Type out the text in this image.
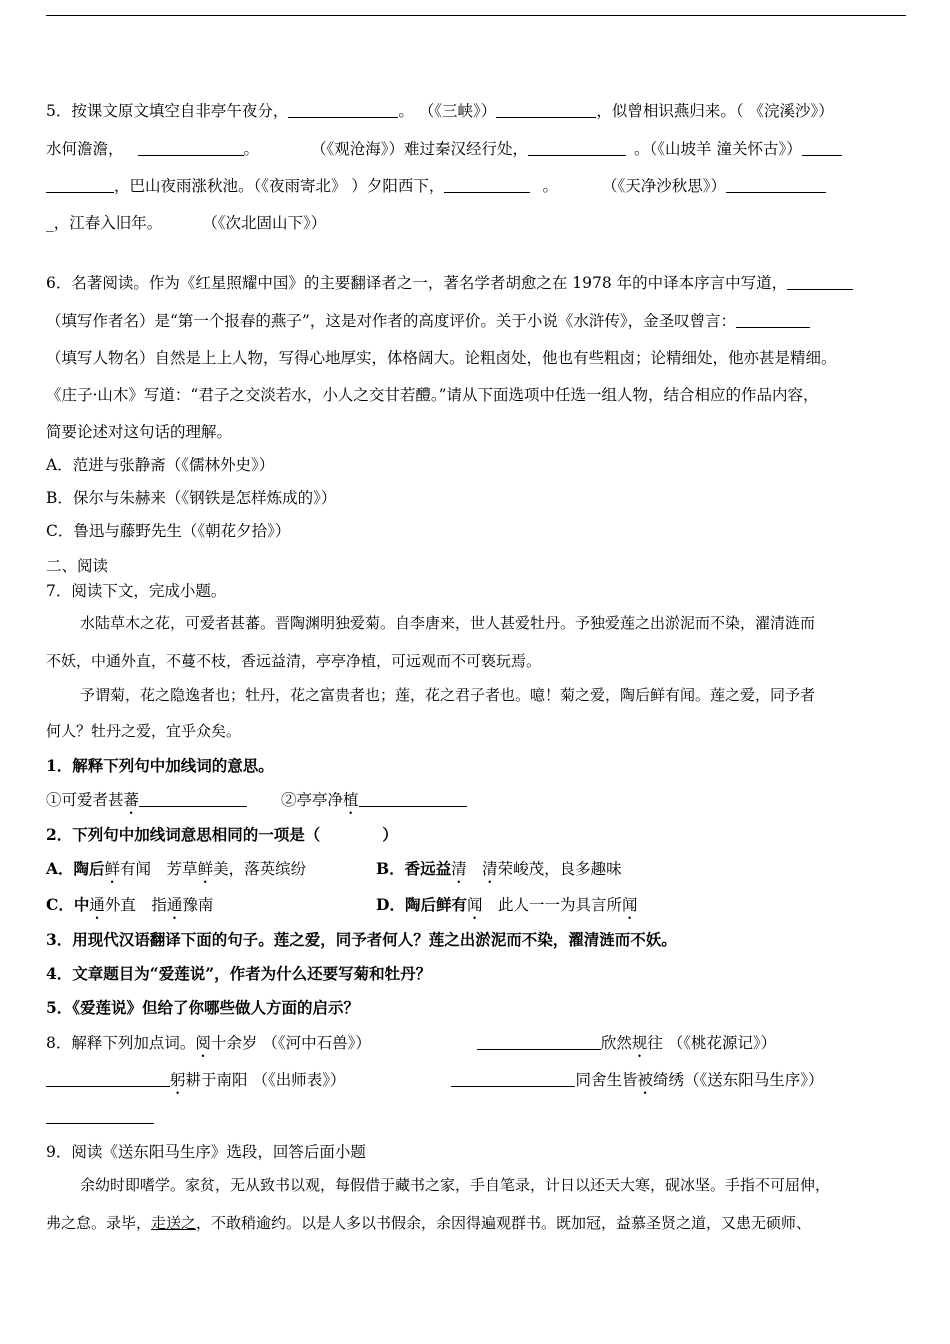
5．按课文原文填空自非亭午夜分，	。 （《三峡》）	，似曾相识燕归来。（ 《浣溪沙》）
水何澹澹，	。	（《观沧海》）难过秦汉经行处，	。（《山坡羊 潼关怀古》）
，巴山夜雨涨秋池。（《夜雨寄北》 ）夕阳西下，	。	（《天净沙秋思》）
_，江春入旧年。	（《次北固山下》）
6．名著阅读。作为《红星照耀中国》的主要翻译者之一，著名学者胡愈之在 1978 年的中译本序言中写道，
（填写作者名）是“第一个报春的燕子”，这是对作者的高度评价。关于小说《水浒传》，金圣叹曾言：
（填写人物名）自然是上上人物，写得心地厚实，体格阔大。论粗卤处，他也有些粗卤；论精细处，他亦甚是精细。
《庄子·山木》写道：“君子之交淡若水，小人之交甘若醴。”请从下面选项中任选一组人物，结合相应的作品内容，
简要论述对这句话的理解。
A．范进与张静斋（《儒林外史》）
B．保尔与朱赫来（《钢铁是怎样炼成的》）
C．鲁迅与藤野先生（《朝花夕拾》）
二、阅读
7．阅读下文，完成小题。
水陆草木之花，可爱者甚蕃。晋陶渊明独爱菊。自李唐来，世人甚爱牡丹。予独爱莲之出淤泥而不染，濯清涟而
不妖，中通外直，不蔓不枝，香远益清，亭亭净植，可远观而不可亵玩焉。
予谓菊，花之隐逸者也；牡丹，花之富贵者也；莲，花之君子者也。噫！菊之爱，陶后鲜有闻。莲之爱，同予者
何人？牡丹之爱，宜乎众矣。
1．解释下列句中加线词的意思。
①可爱者甚蕃	②亭亭净植
2．下列句中加线词意思相同的一项是（　　　　）
A．陶后鲜有闻　芳草鲜美，落英缤纷	B．香远益清　 清荣峻茂，良多趣味
C．中通外直　指通豫南	D．陶后鲜有闻　此人一一为具言所闻
3．用现代汉语翻译下面的句子。莲之爱，同予者何人？莲之出淤泥而不染，濯清涟而不妖。
4．文章题目为“爱莲说”，作者为什么还要写菊和牡丹？
5．《爱莲说》但给了你哪些做人方面的启示？
8．解释下列加点词。阅十余岁 （《河中石兽》）	欣然规往 （《桃花源记》）
躬耕于南阳 （《出师表》）	同舍生皆被绮绣（《送东阳马生序》）
9．阅读《送东阳马生序》选段，回答后面小题
余幼时即嗜学。家贫，无从致书以观，每假借于藏书之家，手自笔录，计日以还天大寒，砚冰坚。手指不可屈伸，
弗之怠。录毕，走送之，不敢稍逾约。以是人多以书假余，余因得遍观群书。既加冠，益慕圣贤之道，又患无硕师、
